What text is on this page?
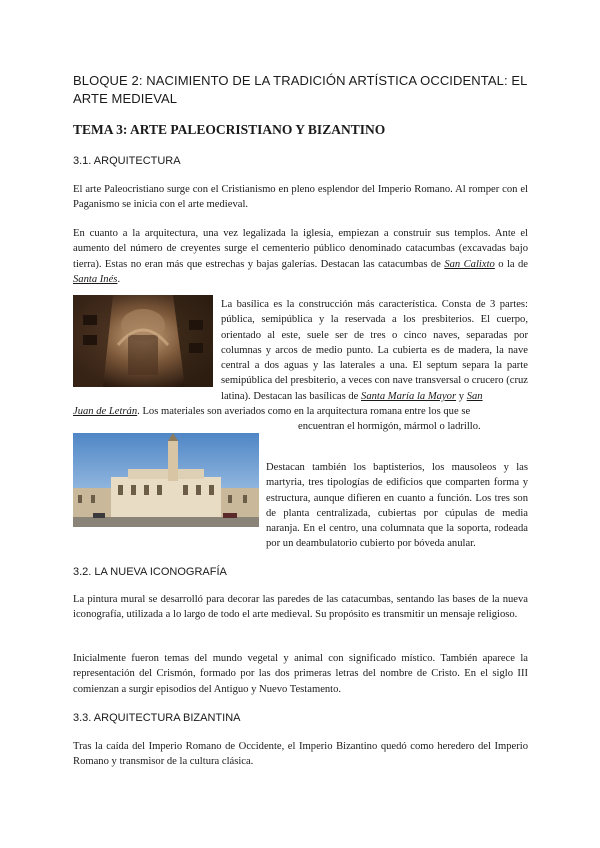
BLOQUE 2: NACIMIENTO DE LA TRADICIÓN ARTÍSTICA OCCIDENTAL: EL ARTE MEDIEVAL
TEMA 3: ARTE PALEOCRISTIANO Y BIZANTINO
3.1. ARQUITECTURA
El arte Paleocristiano surge con el Cristianismo en pleno esplendor del Imperio Romano. Al romper con el Paganismo se inicia con el arte medieval.
En cuanto a la arquitectura, una vez legalizada la iglesia, empiezan a construir sus templos. Ante el aumento del número de creyentes surge el cementerio público denominado catacumbas (excavadas bajo tierra). Estas no eran más que estrechas y bajas galerías. Destacan las catacumbas de San Calixto o la de Santa Inés.
La basílica es la construcción más característica. Consta de 3 partes: pública, semipública y la reservada a los presbiterios. El cuerpo, orientado al este, suele ser de tres o cinco naves, separadas por columnas y arcos de medio punto. La cubierta es de madera, la nave central a dos aguas y las laterales a una. El septum separa la parte semipública del presbiterio, a veces con nave transversal o crucero (cruz latina). Destacan las basílicas de Santa María la Mayor y San
Juan de Letrán. Los materiales son averiados como en la arquitectura romana entre los que se
encuentran el hormigón, mármol o ladrillo.
Destacan también los baptisterios, los mausoleos y las martyria, tres tipologías de edificios que comparten forma y estructura, aunque difieren en cuanto a función. Los tres son de planta centralizada, cubiertas por cúpulas de media naranja. En el centro, una columnata que la soporta, rodeada por un deambulatorio cubierto por bóveda anular.
3.2. LA NUEVA ICONOGRAFÍA
La pintura mural se desarrolló para decorar las paredes de las catacumbas, sentando las bases de la nueva iconografía, utilizada a lo largo de todo el arte medieval. Su propósito es transmitir un mensaje religioso.
Inicialmente fueron temas del mundo vegetal y animal con significado místico. También aparece la representación del Crismón, formado por las dos primeras letras del nombre de Cristo. En el siglo III comienzan a surgir episodios del Antiguo y Nuevo Testamento.
3.3. ARQUITECTURA BIZANTINA
Tras la caída del Imperio Romano de Occidente, el Imperio Bizantino quedó como heredero del Imperio Romano y transmisor de la cultura clásica.
